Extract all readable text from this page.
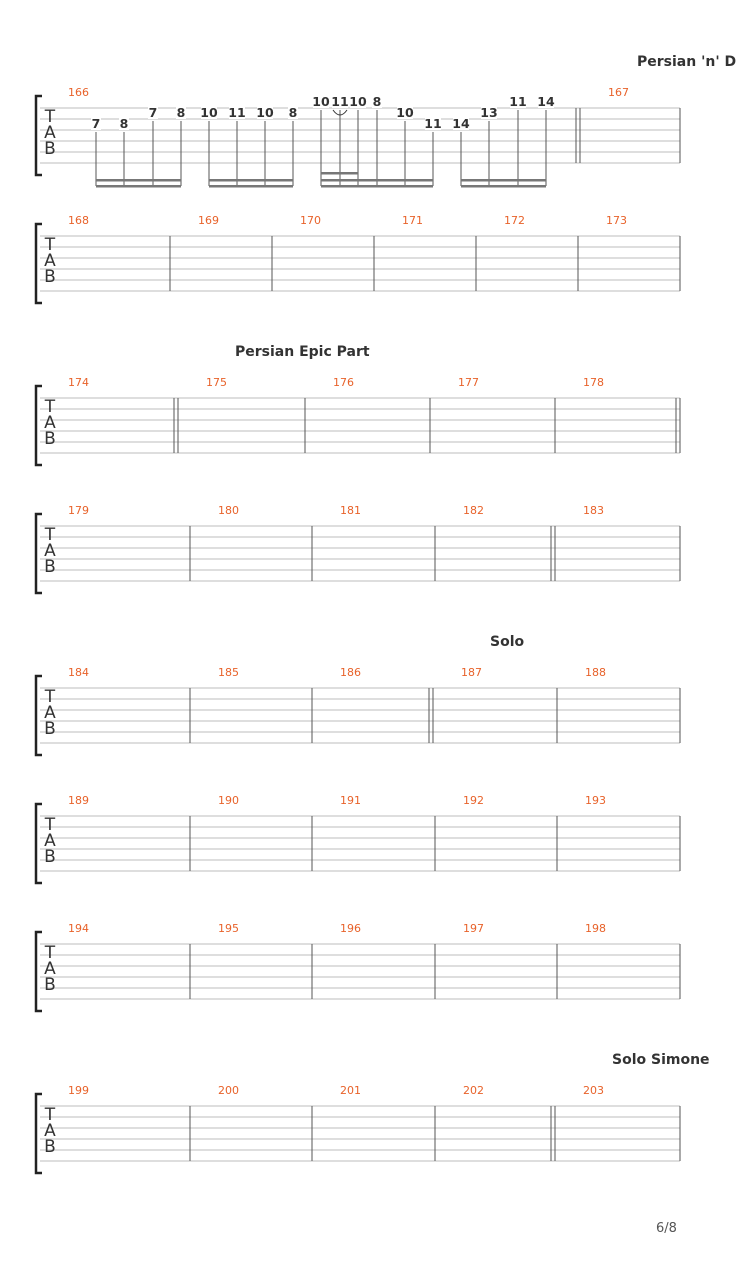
Persian 'n' D
Persian Epic Part
Solo
Solo Simone
T
A
B
166	167
T
A
B
168	169	170	171	172	173
T
A
B
174	175	176	177	178
T
A
B
179	180	181	182	183
T
A
B
184	185	186	187	188
T
A
B
189	190	191	192	193
T
A
B
194	195	196	197	198
T
A
B
199	200	201	202	203
7 8
7 8 10 11 10 8
10 11 10 8
10
11 14
13
11 14
6/8
